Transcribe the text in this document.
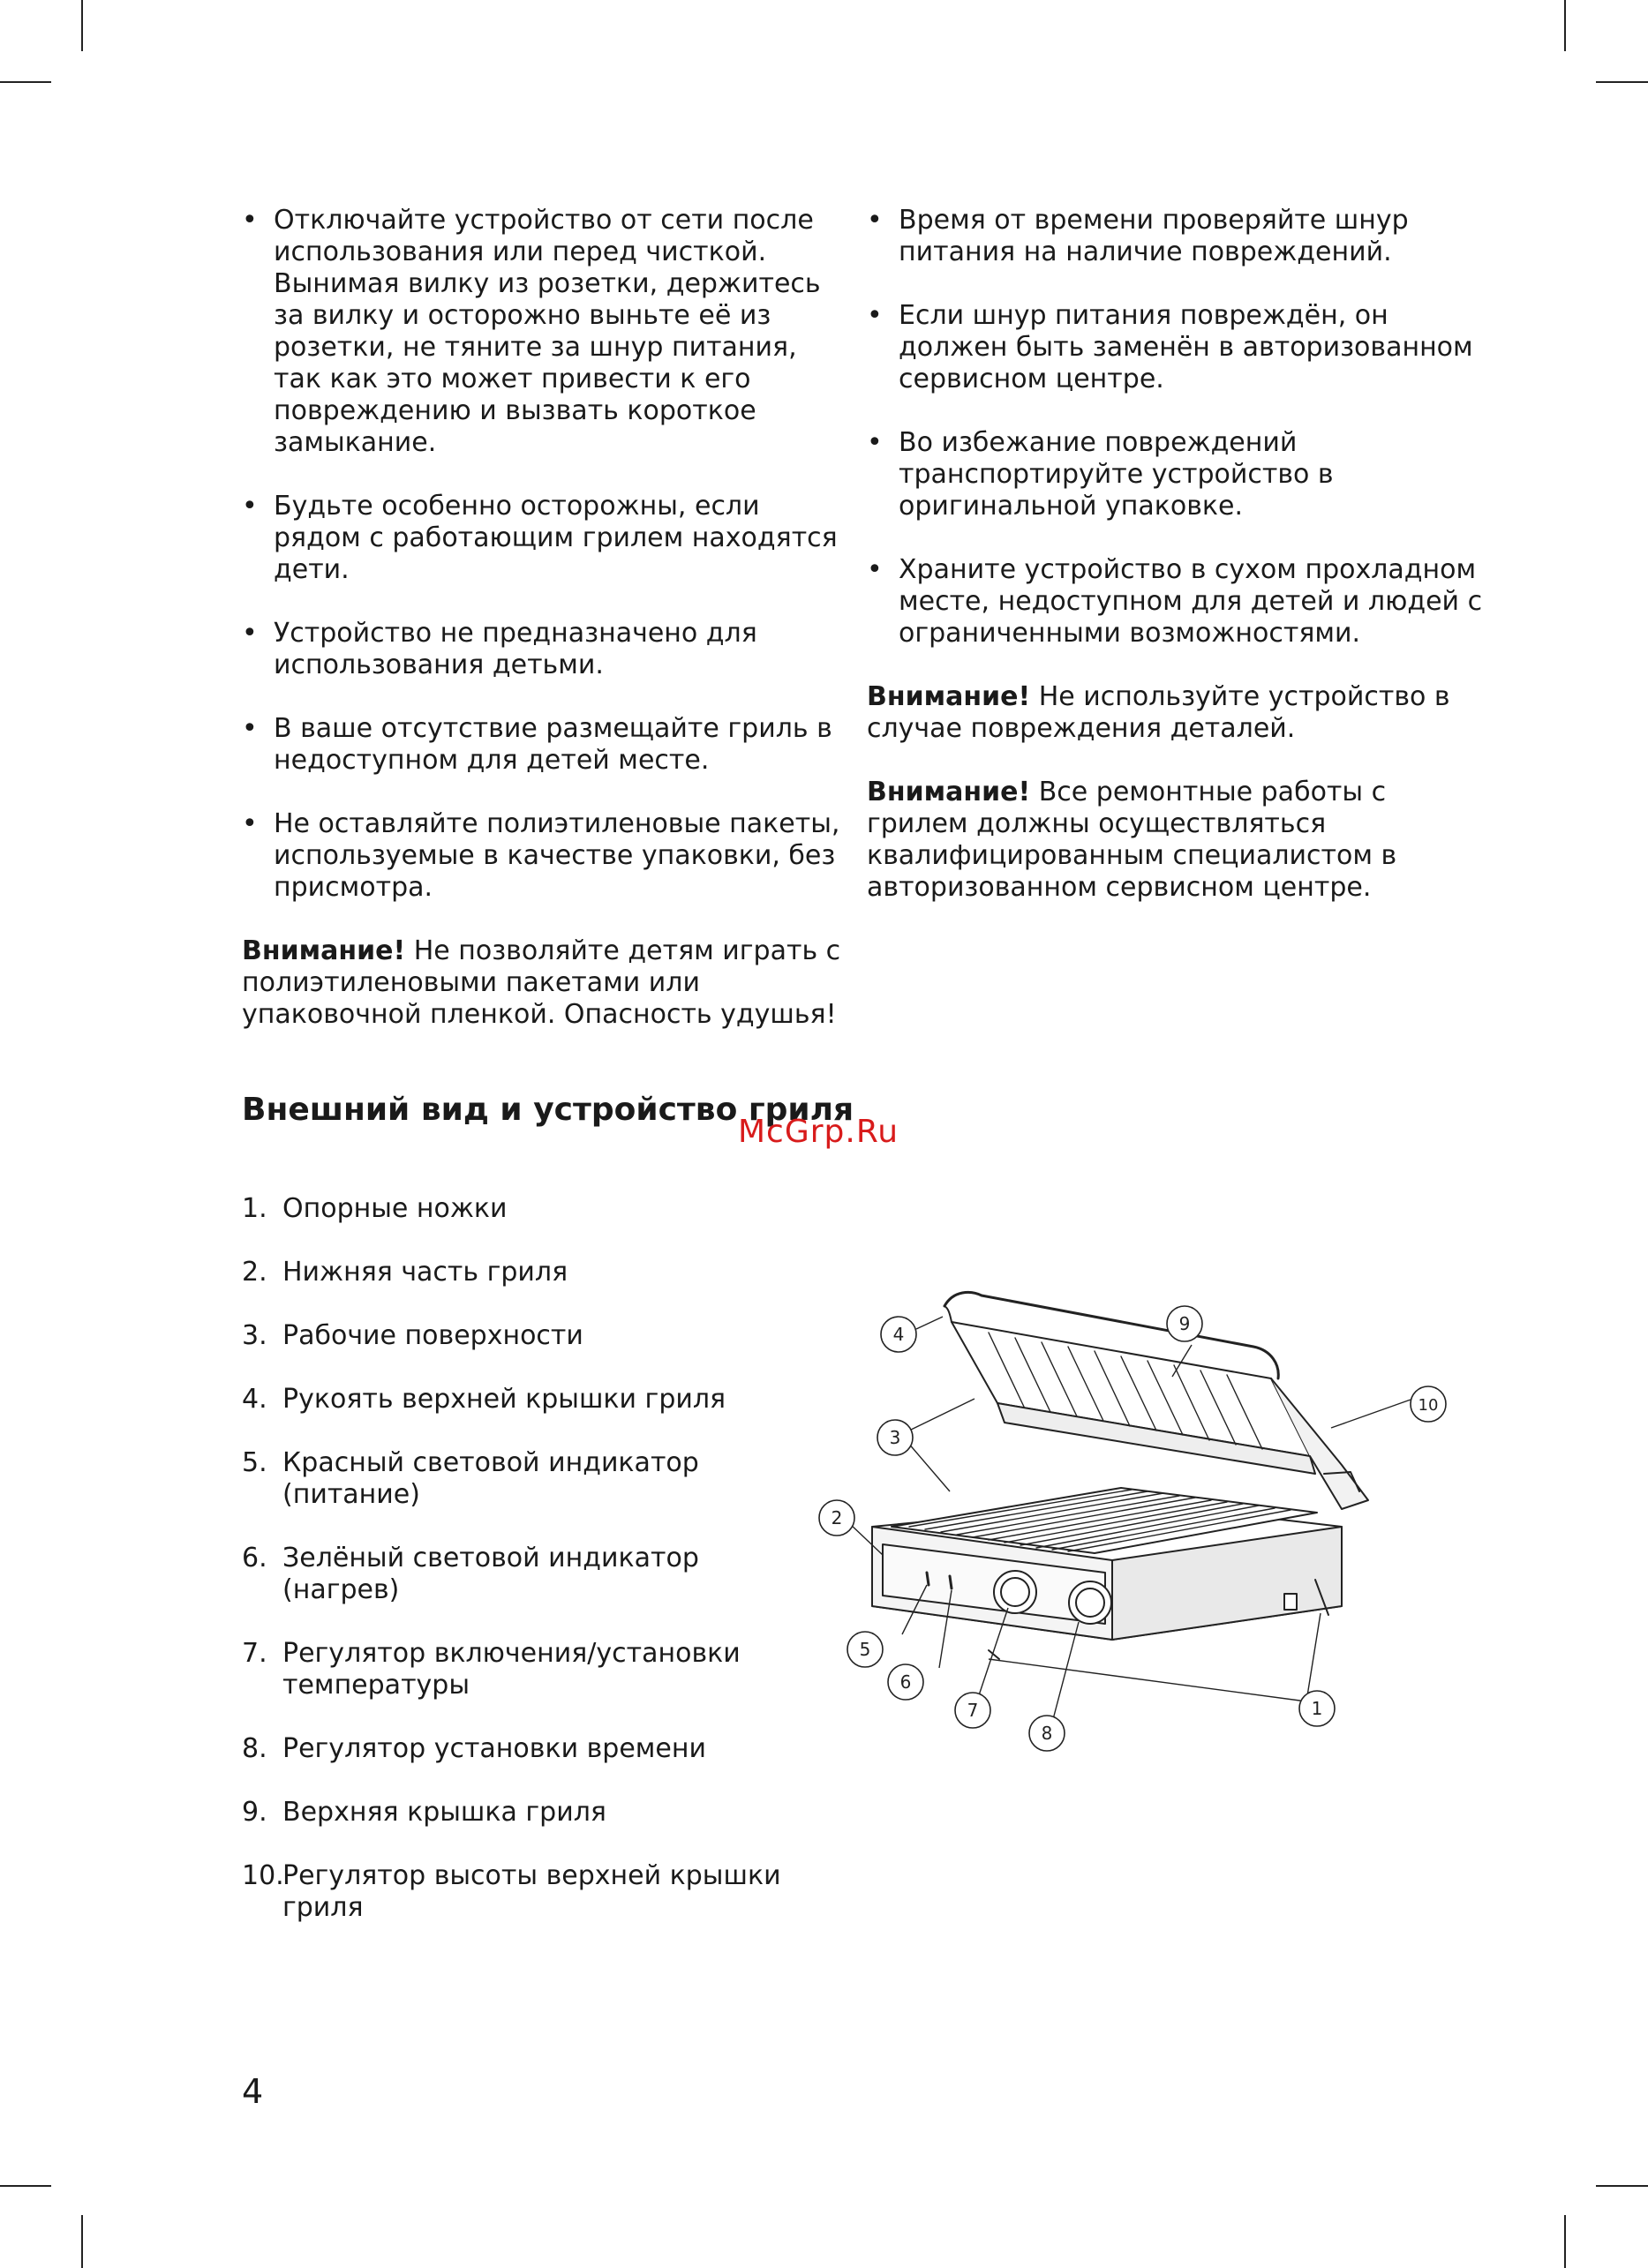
• Отключайте устройство от сети после использования или перед чисткой. Вынимая вилку из розетки, держитесь за вилку и осторожно выньте её из розетки, не тяните за шнур питания, так как это может привести к его повреждению и вызвать короткое замыкание.
• Будьте особенно осторожны, если рядом с работающим грилем находятся дети.
• Устройство не предназначено для использования детьми.
• В ваше отсутствие размещайте гриль в недоступном для детей месте.
• Не оставляйте полиэтиленовые пакеты, используемые в качестве упаковки, без присмотра.

Внимание! Не позволяйте детям играть с полиэтиленовыми пакетами или упаковочной пленкой. Опасность удушья!

• Время от времени проверяйте шнур питания на наличие повреждений.
• Если шнур питания повреждён, он должен быть заменён в авторизованном сервисном центре.
• Во избежание повреждений транспортируйте устройство в оригинальной упаковке.
• Храните устройство в сухом прохладном месте, недоступном для детей и людей с ограниченными возможностями.

Внимание! Не используйте устройство в случае повреждения деталей.

Внимание! Все ремонтные работы с грилем должны осуществляться квалифицированным специалистом в авторизованном сервисном центре.

Внешний вид и устройство гриля
McGrp.Ru
1. Опорные ножки
2. Нижняя часть гриля
3. Рабочие поверхности
4. Рукоять верхней крышки гриля
5. Красный световой индикатор (питание)
6. Зелёный световой индикатор (нагрев)
7. Регулятор включения/установки температуры
8. Регулятор установки времени
9. Верхняя крышка гриля
10.
Регулятор высоты верхней крышки гриля
1
2
3
4
5
6
7
8
9
10
4
